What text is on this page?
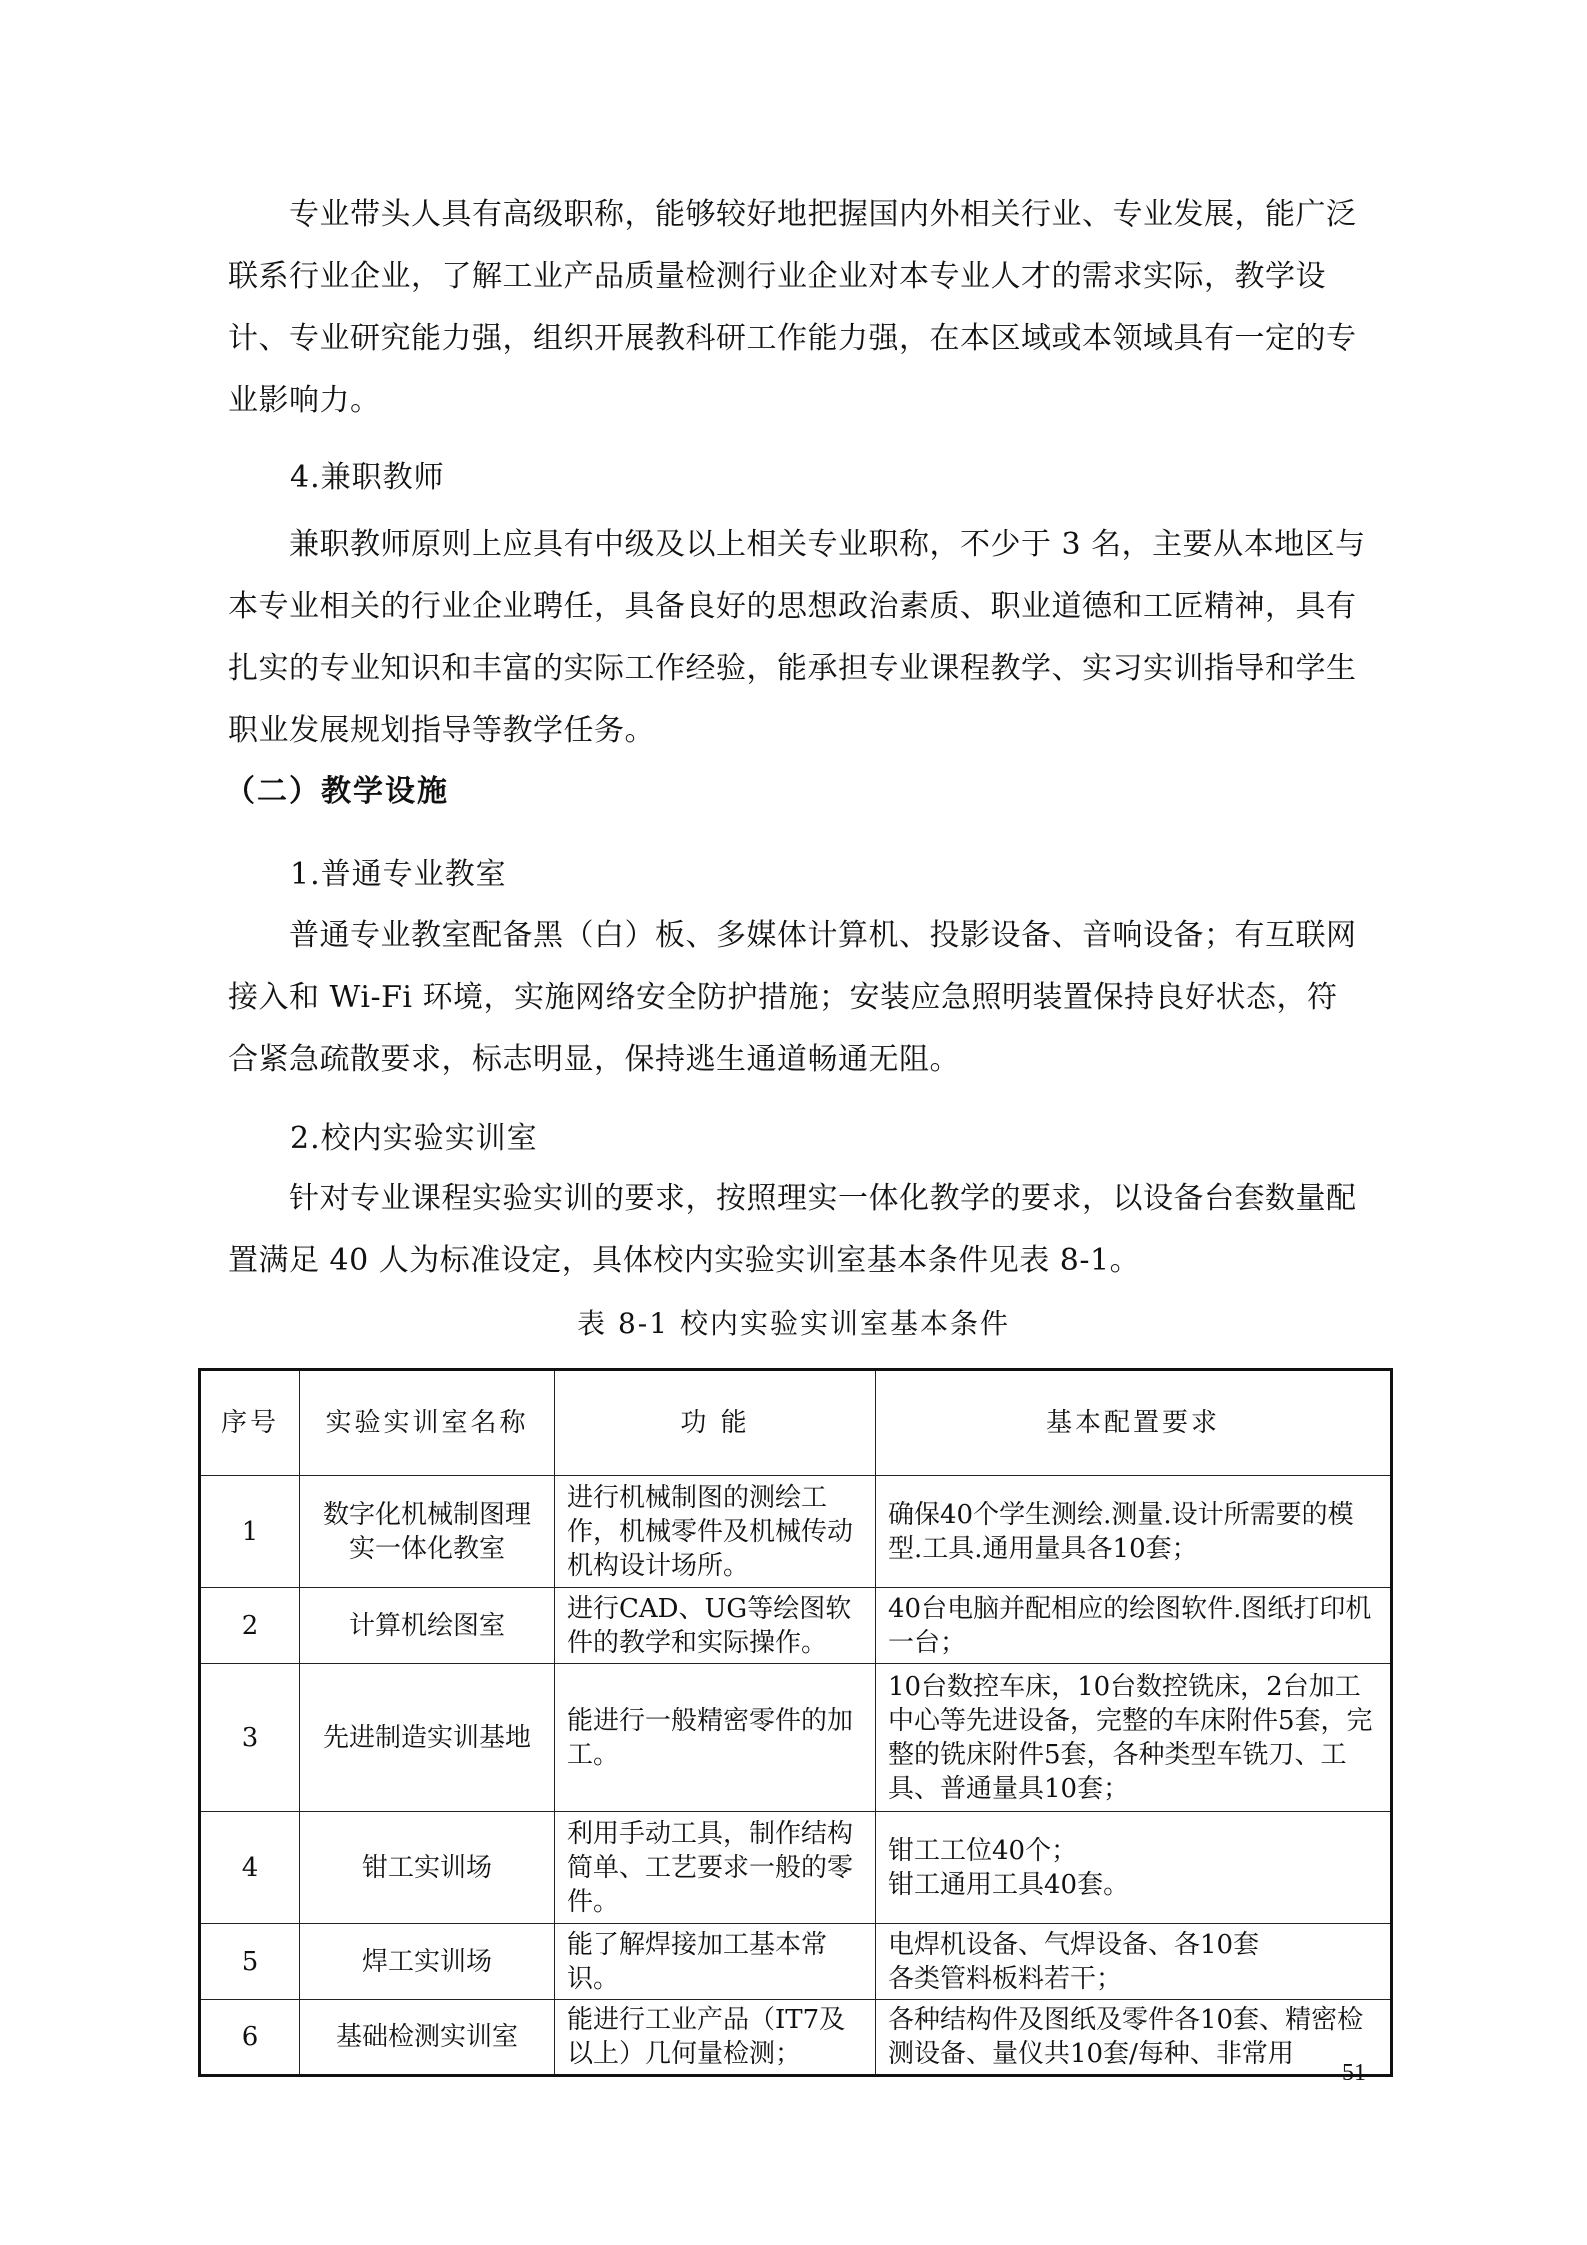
专业带头人具有高级职称，能够较好地把握国内外相关行业、专业发展，能广泛联系行业企业，了解工业产品质量检测行业企业对本专业人才的需求实际，教学设计、专业研究能力强，组织开展教科研工作能力强，在本区域或本领域具有一定的专业影响力。

4.兼职教师

兼职教师原则上应具有中级及以上相关专业职称，不少于 3 名，主要从本地区与本专业相关的行业企业聘任，具备良好的思想政治素质、职业道德和工匠精神，具有扎实的专业知识和丰富的实际工作经验，能承担专业课程教学、实习实训指导和学生职业发展规划指导等教学任务。

（二）教学设施

1.普通专业教室

普通专业教室配备黑（白）板、多媒体计算机、投影设备、音响设备；有互联网接入和 Wi-Fi 环境，实施网络安全防护措施；安装应急照明装置保持良好状态，符合紧急疏散要求，标志明显，保持逃生通道畅通无阻。

2.校内实验实训室

针对专业课程实验实训的要求，按照理实一体化教学的要求，以设备台套数量配置满足 40 人为标准设定，具体校内实验实训室基本条件见表 8-1。

表 8-1 校内实验实训室基本条件

序号	实验实训室名称	功 能	基本配置要求
1	数字化机械制图理实一体化教室	进行机械制图的测绘工作，机械零件及机械传动机构设计场所。	确保40个学生测绘.测量.设计所需要的模型.工具.通用量具各10套；
2	计算机绘图室	进行CAD、UG等绘图软件的教学和实际操作。	40台电脑并配相应的绘图软件.图纸打印机一台；
3	先进制造实训基地	能进行一般精密零件的加工。	10台数控车床，10台数控铣床，2台加工中心等先进设备，完整的车床附件5套，完整的铣床附件5套，各种类型车铣刀、工具、普通量具10套；
4	钳工实训场	利用手动工具，制作结构简单、工艺要求一般的零件。	钳工工位40个；
钳工通用工具40套。

5	焊工实训场	能了解焊接加工基本常识。	电焊机设备、气焊设备、各10套
各类管料板料若干；

6	基础检测实训室	能进行工业产品（IT7及以上）几何量检测；	各种结构件及图纸及零件各10套、精密检测设备、量仪共10套/每种、非常用

51
